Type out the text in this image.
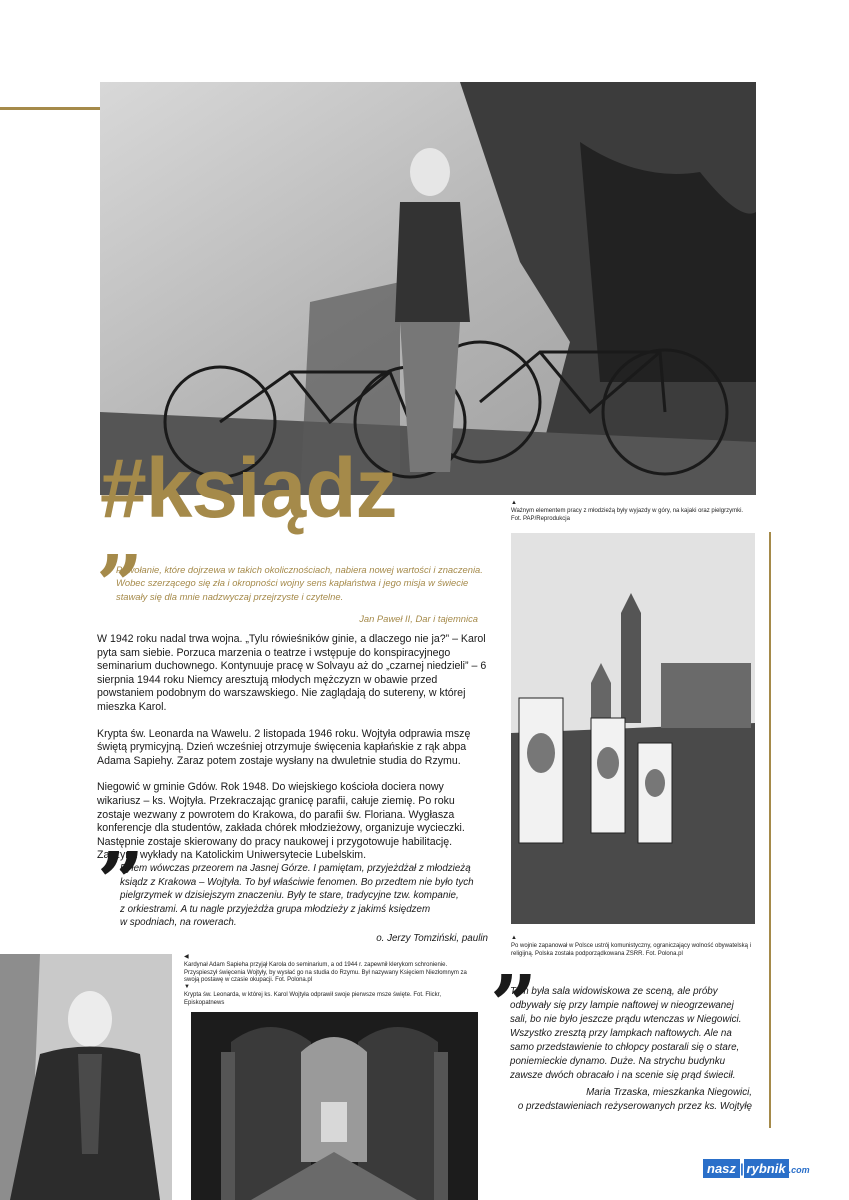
#ksiądz	▲
Ważnym elementem pracy z młodzieżą były wyjazdy w góry, na kajaki oraz pielgrzymki.
Fot. PAP/Reprodukcja
”
Powołanie, które dojrzewa w takich okolicznościach, nabiera nowej wartości i znaczenia. Wobec szerzącego się zła i okropności wojny sens kapłaństwa i jego misja w świecie stawały się dla mnie nadzwyczaj przejrzyste i czytelne.
Jan Paweł II, Dar i tajemnica

W 1942 roku nadal trwa wojna. „Tylu rówieśników ginie, a dlaczego nie ja?” – Karol pyta sam siebie. Porzuca marzenia o teatrze i wstępuje do konspiracyjnego seminarium duchownego. Kontynuuje pracę w Solvayu aż do „czarnej niedzieli” – 6 sierpnia 1944 roku Niemcy aresztują młodych mężczyzn w obawie przed powstaniem podobnym do warszawskiego. Nie zaglądają do sutereny, w której mieszka Karol.

Krypta św. Leonarda na Wawelu. 2 listopada 1946 roku. Wojtyła odprawia mszę świętą prymicyjną. Dzień wcześniej otrzymuje święcenia kapłańskie z rąk abpa Adama Sapiehy. Zaraz potem zostaje wysłany na dwuletnie studia do Rzymu.

Niegowić w gminie Gdów. Rok 1948. Do wiejskiego kościoła dociera nowy wikariusz – ks. Wojtyła. Przekraczając granicę parafii, całuje ziemię. Po roku zostaje wezwany z powrotem do Krakowa, do parafii św. Floriana. Wygłasza konferencje dla studentów, zakłada chórek młodzieżowy, organizuje wycieczki. Następnie zostaje skierowany do pracy naukowej i przygotowuje habilitację. Zaczyna wykłady na Katolickim Uniwersytecie Lubelskim.

▲
Po wojnie zapanował w Polsce ustrój komunistyczny, ograniczający wolność obywatelską i religijną. Polska została podporządkowana ZSRR. Fot. Polona.pl
”
Byłem wówczas przeorem na Jasnej Górze. I pamiętam, przyjeżdżał z młodzieżą
ksiądz z Krakowa – Wojtyła. To był właściwie fenomen. Bo przedtem nie było tych
pielgrzymek w dzisiejszym znaczeniu. Były te stare, tradycyjne tzw. kompanie,
z orkiestrami. A tu nagle przyjeżdża grupa młodzieży z jakimś księdzem
w spodniach, na rowerach.
o. Jerzy Tomziński, paulin
◀
Kardynał Adam Sapieha przyjął Karola do seminarium, a od 1944 r. zapewnił klerykom schronienie. Przyspieszył święcenia Wojtyły, by wysłać go na studia do Rzymu. Był nazywany Księciem Niezłomnym za swoją postawę w czasie okupacji. Fot. Polona.pl
▼
Krypta św. Leonarda, w której ks. Karol Wojtyła odprawił swoje pierwsze msze święte. Fot. Flickr, Episkopatnews	”
Tam była sala widowiskowa ze sceną, ale próby
odbywały się przy lampie naftowej w nieogrzewanej
sali, bo nie było jeszcze prądu wtenczas w Niegowici.
Wszystko zresztą przy lampkach naftowych. Ale na
samo przedstawienie to chłopcy postarali się o stare,
poniemieckie dynamo. Duże. Na strychu budynku
zawsze dwóch obracało i na scenie się prąd świecił.
Maria Trzaska, mieszkanka Niegowici,
o przedstawieniach reżyserowanych przez ks. Wojtyłę
nasz | rybnik .com
